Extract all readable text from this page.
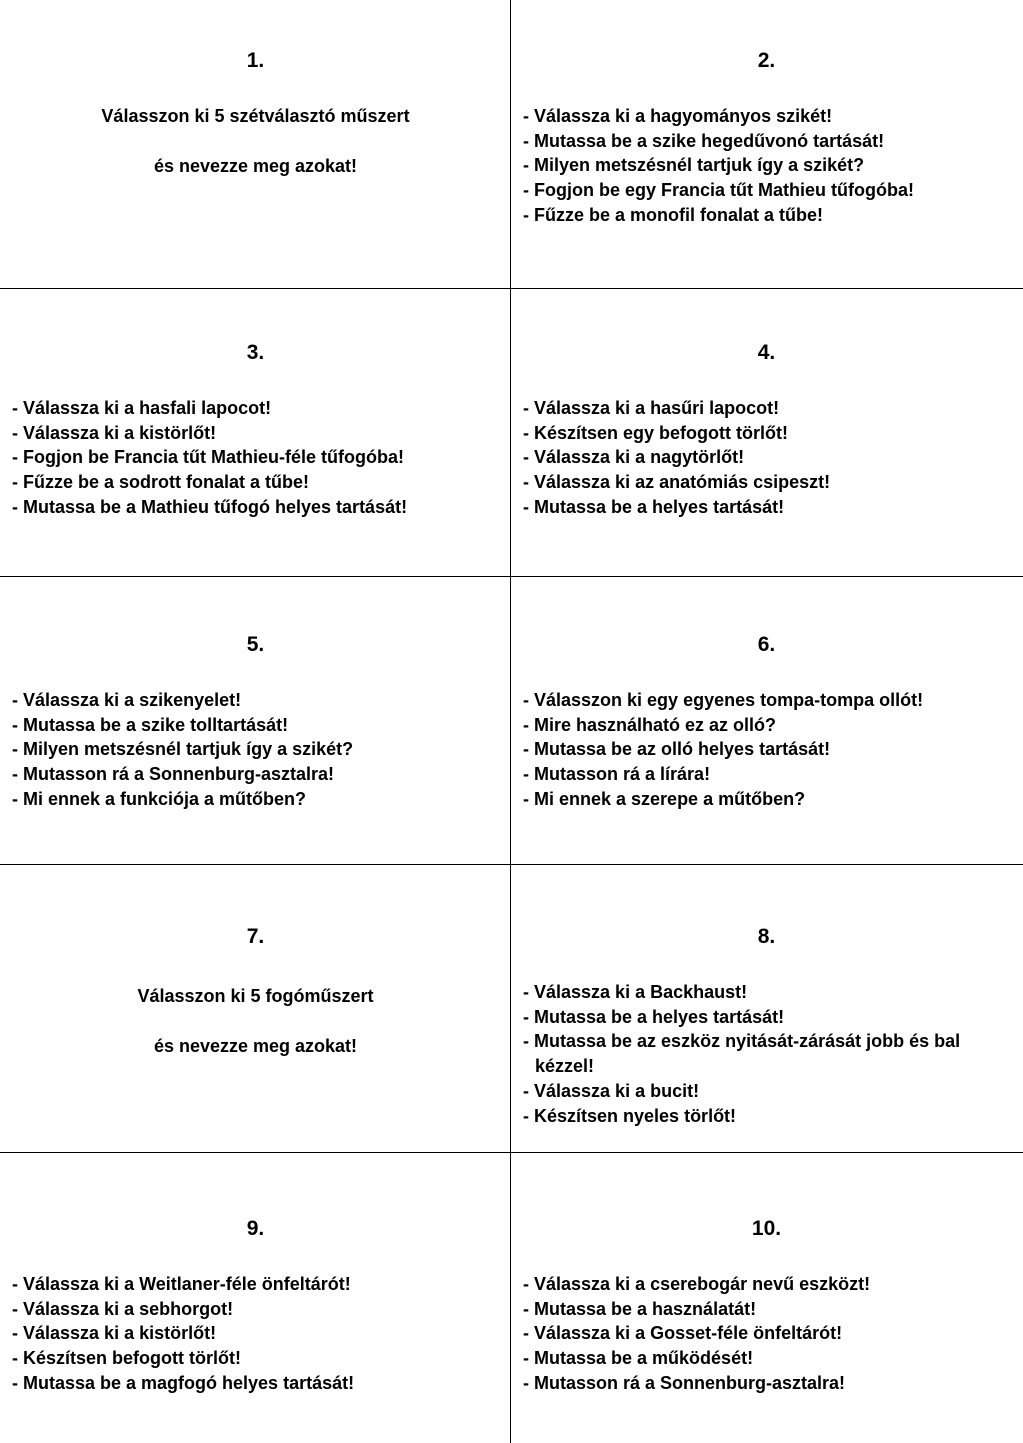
1.

Válasszon ki 5 szétválasztó műszert

és nevezze meg azokat!

2.
- Válassza ki a hagyományos szikét!
- Mutassa be a szike hegedűvonó tartását!
- Milyen metszésnél tartjuk így a szikét?
- Fogjon be egy Francia tűt Mathieu tűfogóba!
- Fűzze be a monofil fonalat a tűbe!
3.
- Válassza ki a hasfali lapocot!
- Válassza ki a kistörlőt!
- Fogjon be Francia tűt Mathieu-féle tűfogóba!
- Fűzze be a sodrott fonalat a tűbe!
- Mutassa be a Mathieu tűfogó helyes tartását!
4.
- Válassza ki a hasűri lapocot!
- Készítsen egy befogott törlőt!
- Válassza ki a nagytörlőt!
- Válassza ki az anatómiás csipeszt!
- Mutassa be a helyes tartását!
5.
- Válassza ki a szikenyelet!
- Mutassa be a szike tolltartását!
- Milyen metszésnél tartjuk így a szikét?
- Mutasson rá a Sonnenburg-asztalra!
- Mi ennek a funkciója a műtőben?
6.
- Válasszon ki egy egyenes tompa-tompa ollót!
- Mire használható ez az olló?
- Mutassa be az olló helyes tartását!
- Mutasson rá a lírára!
- Mi ennek a szerepe a műtőben?
7.

Válasszon ki 5 fogóműszert

és nevezze meg azokat!

8.
- Válassza ki a Backhaust!
- Mutassa be a helyes tartását!
- Mutassa be az eszköz nyitását-zárását jobb és bal kézzel!
- Válassza ki a bucit!
- Készítsen nyeles törlőt!
9.
- Válassza ki a Weitlaner-féle önfeltárót!
- Válassza ki a sebhorgot!
- Válassza ki a kistörlőt!
- Készítsen befogott törlőt!
- Mutassa be a magfogó helyes tartását!
10.
- Válassza ki a cserebogár nevű eszközt!
- Mutassa be a használatát!
- Válassza ki a Gosset-féle önfeltárót!
- Mutassa be a működését!
- Mutasson rá a Sonnenburg-asztalra!
